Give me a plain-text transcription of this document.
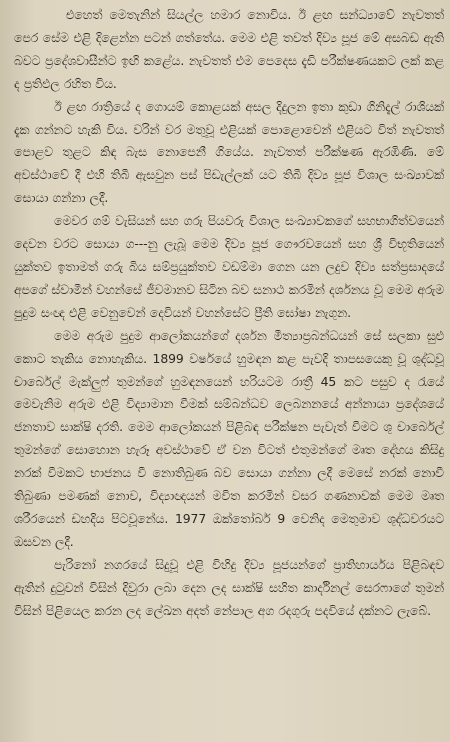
එහෙත් මෙතැනින් සියල්ල හමාර නොවිය. ඊ ළඟ සන්ධ්‍යාවේ නැවතත් පෙර සේම එළි දිළෙන්න පටන් ගත්තේය. මෙම එළි තවත් දිව්‍ය පූජ මේ අසබඩ ඇති බවට ප්‍රදේශවාසීන්ට ඉඟි කළේය. නැවතත් එම පෙදෙස දැඩි පරීක්ෂණයකට ලක් කළ ද ප්‍රතිඵල රහිත විය.

ඊ ළඟ රාත්‍රියේ ද ගොයම් කොළයක් අසල දිදුලන ඉතා කුඩා ගිනිදැල් රාශියක් දැක ගන්නට හැකි විය. වරින් වර මතුවූ එළියක් පොළොවෙන් එළියට විත් නැවතත් පොළව තුළට කිඳ බැස නොපෙනී ගියේය. නැවතත් පරීක්ෂණ ඇරඹිණි. මේ අවස්ථාවේ දී එහි තිබී ඇසවුන පස් පිඩැල්ලක් යට තිබී දිව්‍ය පූජ විශාල සංඛ්‍යාවක් සොයා ගන්නා ලදී.

මෙවර ගම් වැසියන් සහ ගරු පියවරු විශාල සංඛ්‍යාවකගේ සහභාගිත්වයෙන් දෙවන වරට සොයා ග---නු ලැබූ මෙම දිව්‍ය පූජ ගෞරවයෙන් සහ ශ්‍රී විභූතියෙන් යුක්තව ඉතාමත් ගරු බිය සම්ප්‍රයුක්තව වඩම්මා ගෙන යන ලදුව දිව්‍ය සත්ප්‍රසාදයේ අපගේ ස්වාමීන් වහන්සේ ජීවමානව සිටින බව සනාථ කරමින් දර්ශනය වූ මෙම අරුම පුදුම සංඥ එළි වෙනුවෙන් දෙවියන් වහන්සේට ප්‍රීති ඝෝෂා නැගුන.

මෙම අරුම පුදුම ආලෝකයන්ගේ දර්ශන මීත්‍යාප්‍රබන්ධයන් සේ සලකා සුළු කොට තැකිය නොහැකිය. 1899 වර්ෂයේ හුමඳන කළ පැවදි තාපසයෙකු වූ ශුද්ධවූ චාර්බෙල් මැක්ලුෆ් තුමන්ගේ හුමඳනයෙන් හරියටම රාත්‍රී 45 කට පසුව ද රැයේ මෙවැනිම අරුම එළි විද්‍යාමාන වීමක් සම්බන්ධව ලෙබනනයේ අන්නායා ප්‍රදේශයේ ජනතාව සාක්ෂි දරති. මෙම ආලෝකයන් පිළිබඳ පරීක්ෂන පැවැත් වීමට ශු චාර්බෙල් තුමන්ගේ සොහොන හැරූ අවස්ථාවේ ඒ වන විටත් එතුමන්ගේ මෘත දේහය කිසිදු නරක් වීමකට භාජනය වී නොතිබුණ බව සොයා ගන්නා ලදී මෙසේ නරක් නොවී තිබුණා පමණක් නොව, විද්‍යාඥයන් මවිත කරමින් වසර ගණනාවක් මෙම මෘත ශරීරයෙන් ඩහදිය පිටවූනේය. 1977 ඔක්තෝබර් 9 වෙනිද මෙතුමාව ශුද්ධවරයට ඔසවන ලදී.

පැරිනෝ නගරයේ සිදුවූ එළි විහිදු දිව්‍ය පූජයන්ගේ ප්‍රාතිහාර්යය පිළිබඳව ඇතින් දුටුවන් විසින් දිවුරා ලබා දෙන ලද සාක්ෂි සහිත කාර්දිනල් සෙරෆාගේ තුමන් විසින් පිළියෙල කරන ලද ලේඛන අදත් නේපාල අග රදගුරු පදවියේ දක්නට ලැබේ.
